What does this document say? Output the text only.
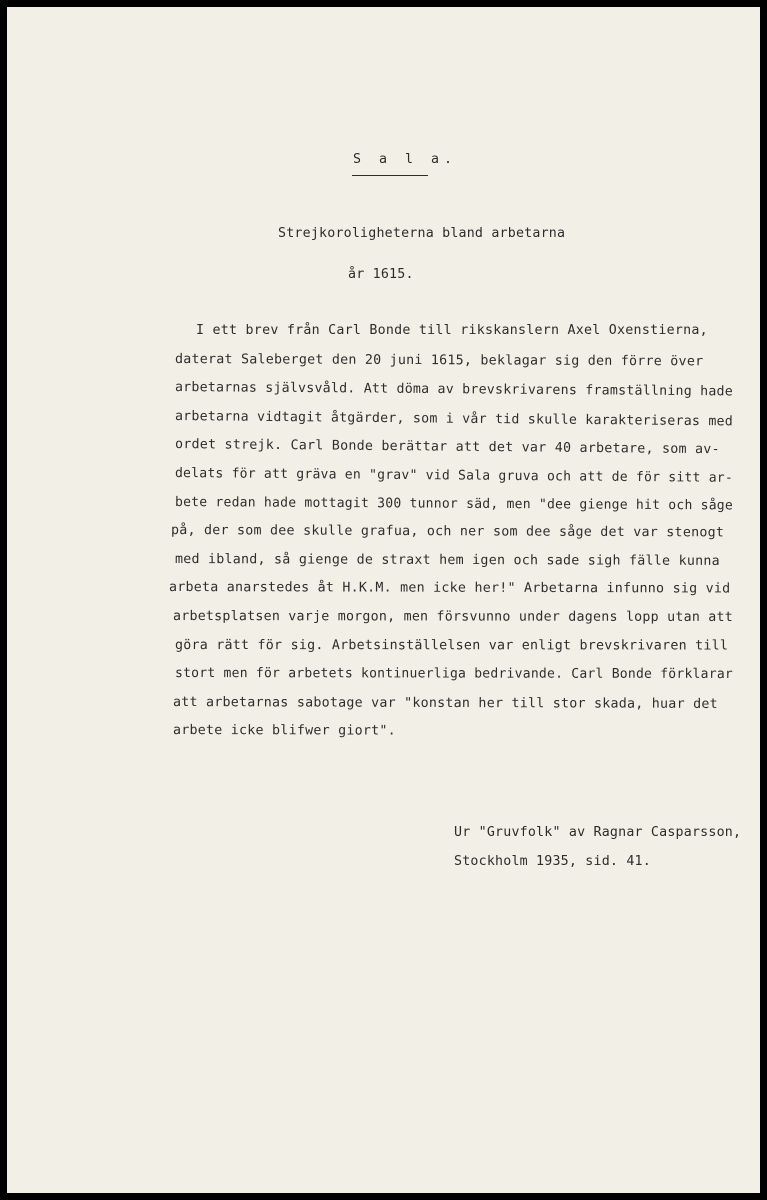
S a l a.
Strejkoroligheterna bland arbetarna
år 1615.
I ett brev från Carl Bonde till rikskanslern Axel Oxenstierna,
daterat Saleberget den 20 juni 1615, beklagar sig den förre över
arbetarnas självsvåld. Att döma av brevskrivarens framställning hade
arbetarna vidtagit åtgärder, som i vår tid skulle karakteriseras med
ordet strejk. Carl Bonde berättar att det var 40 arbetare, som av-
delats för att gräva en "grav" vid Sala gruva och att de för sitt ar-
bete redan hade mottagit 300 tunnor säd, men "dee gienge hit och såge
på, der som dee skulle grafua, och ner som dee såge det var stenogt
med ibland, så gienge de straxt hem igen och sade sigh fälle kunna
arbeta anarstedes åt H.K.M. men icke her!" Arbetarna infunno sig vid
arbetsplatsen varje morgon, men försvunno under dagens lopp utan att
göra rätt för sig. Arbetsinställelsen var enligt brevskrivaren till
stort men för arbetets kontinuerliga bedrivande. Carl Bonde förklarar
att arbetarnas sabotage var "konstan her till stor skada, huar det
arbete icke blifwer giort".
Ur "Gruvfolk" av Ragnar Casparsson,
Stockholm 1935, sid. 41.
